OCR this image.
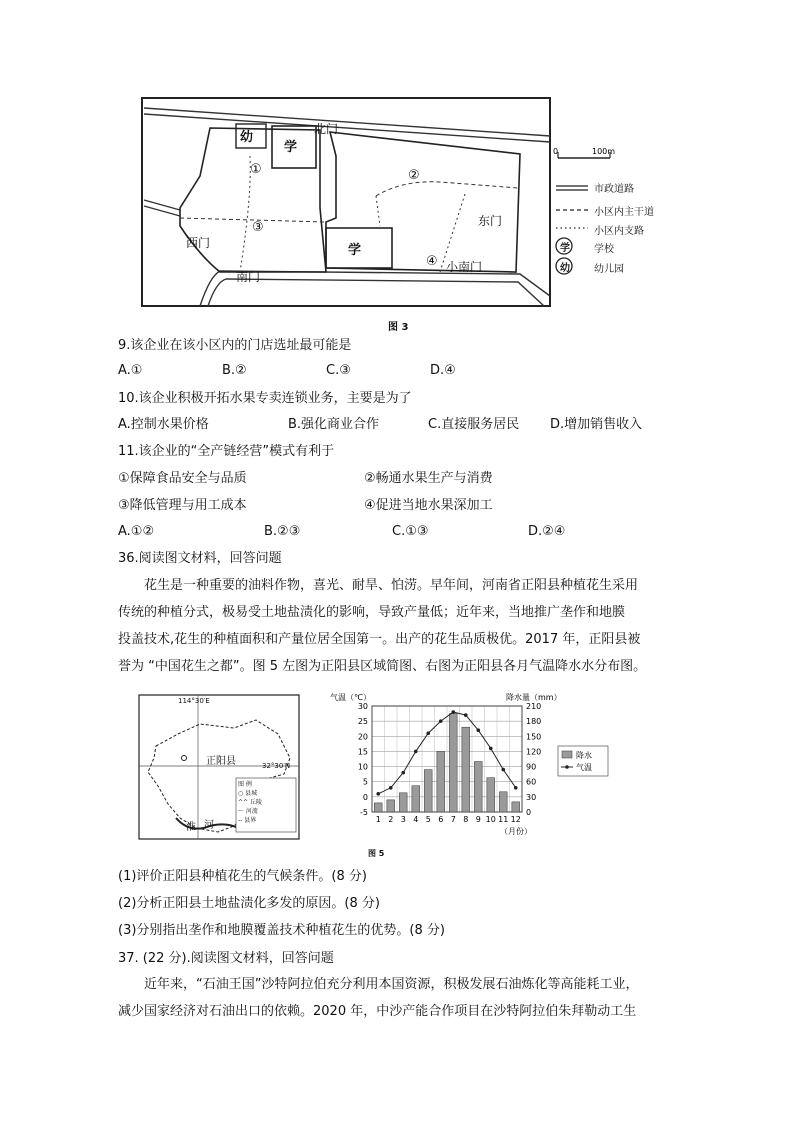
0	100m
幼
学
学
北门
东门
西门
南门
小南门
①	②
③
④
市政道路
小区内主干道
小区内支路
学 学校
幼 幼儿园
图 3
9.该企业在该小区内的门店选址最可能是
A.①	B.②	C.③	D.④
10.该企业积极开拓水果专卖连锁业务，主要是为了
A.控制水果价格	B.强化商业合作	C.直接服务居民 D.增加销售收入
11.该企业的“全产链经营”模式有利于
①保障食品安全与品质	②畅通水果生产与消费
③降低管理与用工成本	④促进当地水果深加工
A.①②	B.②③	C.①③	D.②④
36.阅读图文材料，回答问题
花生是一种重要的油料作物，喜光、耐旱、怕涝。早年间，河南省正阳县种植花生采用
传统的种植分式，极易受土地盐渍化的影响，导致产量低；近年来，当地推广垄作和地膜
投盖技术,花生的种植面积和产量位居全国第一。出产的花生品质极优。2017 年，正阳县被
誉为 “中国花生之都”。图 5 左图为正阳县区域简图、右图为正阳县各月气温降水水分布图。
114°30′E
32°30′N
正阳县
淮 河
图 例
○ 县城
^^ 丘陵
～ 河流
-- 县界
-5
0
5
10
15
20
25
30
0
30
60
90
120
150
180
210
1 2 3 4 5 6 7 8 9 10 11 12
（月份）
气温（℃）	降水量（mm）
降水
气温
图 5
(1)评价正阳县种植花生的气候条件。(8 分)
(2)分析正阳县土地盐渍化多发的原因。(8 分)
(3)分别指出垄作和地膜覆盖技术种植花生的优势。(8 分)
37. (22 分).阅读图文材料，回答问题
近年来，“石油王国”沙特阿拉伯充分利用本国资源，积极发展石油炼化等高能耗工业，
减少国家经济对石油出口的依赖。2020 年，中沙产能合作项目在沙特阿拉伯朱拜勒动工生
